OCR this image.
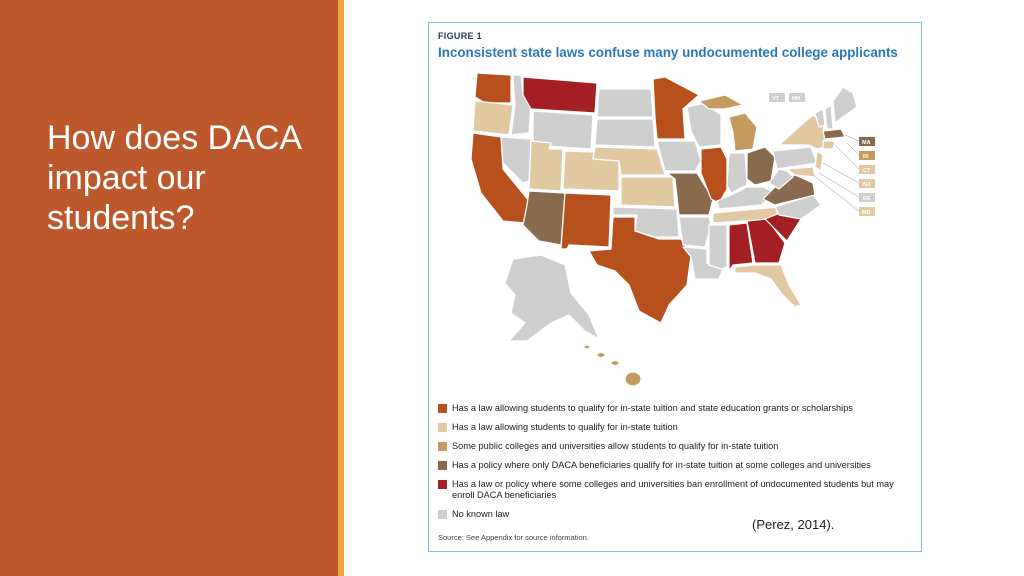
How does DACA
impact our
students?
FIGURE 1
Inconsistent state laws confuse many undocumented college applicants
VT NH
MA
RI
CT
NJ
DE
MD
Has a law allowing students to qualify for in-state tuition and state education grants or scholarships
Has a law allowing students to qualify for in-state tuition
Some public colleges and universities allow students to qualify for in-state tuition
Has a policy where only DACA beneficiaries qualify for in-state tuition at some colleges and universities
Has a law or policy where some colleges and universities ban enrollment of undocumented students but may enroll DACA beneficiaries
No known law
Source: See Appendix for source information.
(Perez, 2014).
